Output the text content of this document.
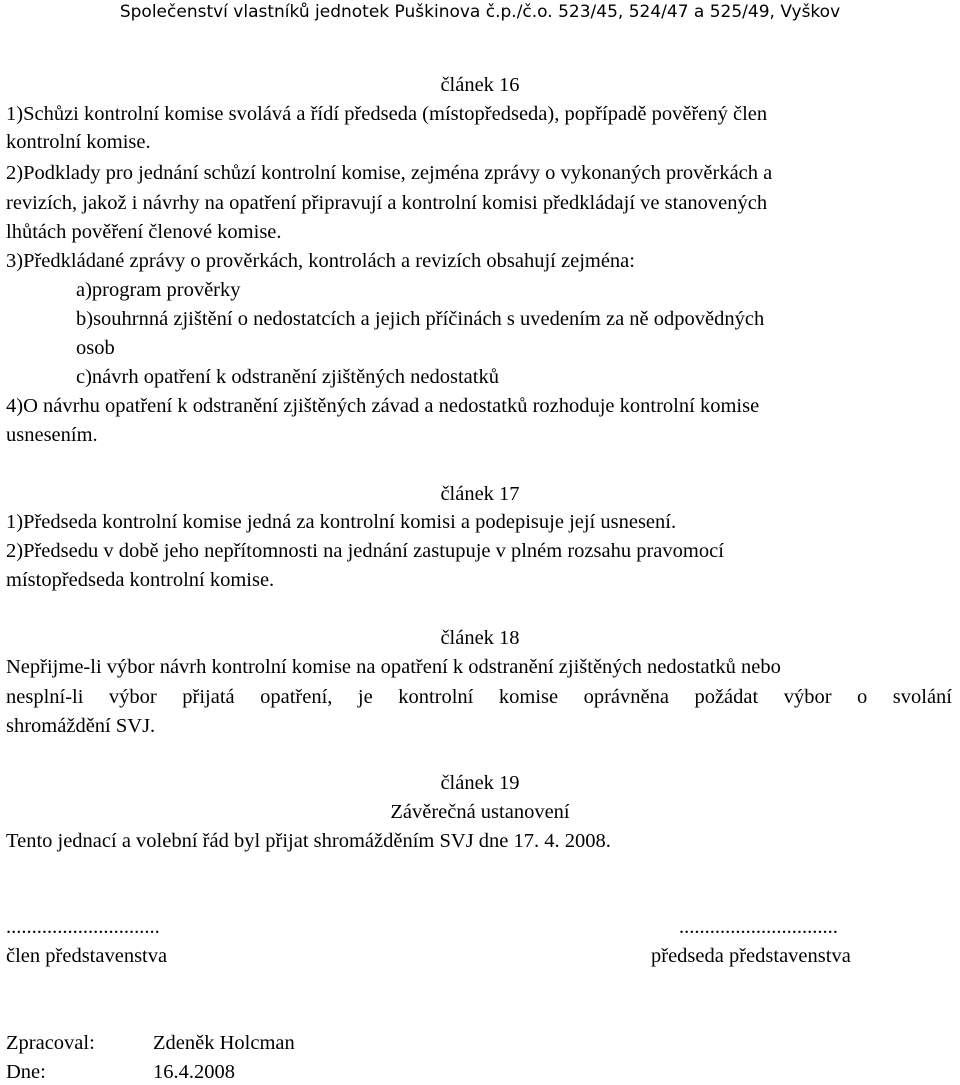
Společenství vlastníků jednotek Puškinova č.p./č.o. 523/45, 524/47 a 525/49, Vyškov
článek 16
1)Schůzi kontrolní komise svolává a řídí předseda (místopředseda), popřípadě pověřený člen
kontrolní komise.
2)Podklady pro jednání schůzí kontrolní komise, zejména zprávy o vykonaných prověrkách a
revizích, jakož i návrhy na opatření připravují a kontrolní komisi předkládají ve stanovených
lhůtách pověření členové komise.
3)Předkládané zprávy o prověrkách, kontrolách a revizích obsahují zejména:
a)program prověrky
b)souhrnná zjištění o nedostatcích a jejich příčinách s uvedením za ně odpovědných
osob
c)návrh opatření k odstranění zjištěných nedostatků
4)O návrhu opatření k odstranění zjištěných závad a nedostatků rozhoduje kontrolní komise
usnesením.
článek 17
1)Předseda kontrolní komise jedná za kontrolní komisi a podepisuje její usnesení.
2)Předsedu v době jeho nepřítomnosti na jednání zastupuje v plném rozsahu pravomocí
místopředseda kontrolní komise.
článek 18
Nepřijme-li výbor návrh kontrolní komise na opatření k odstranění zjištěných nedostatků nebo
nesplní-li výbor přijatá opatření, je kontrolní komise oprávněna požádat výbor o svolání
shromáždění SVJ.
článek 19
Závěrečná ustanovení
Tento jednací a volební řád byl přijat shromážděním SVJ dne 17. 4. 2008.
..............................
člen představenstva
...............................
předseda představenstva
Zpracoval:	Zdeněk Holcman
Dne:	16.4.2008
